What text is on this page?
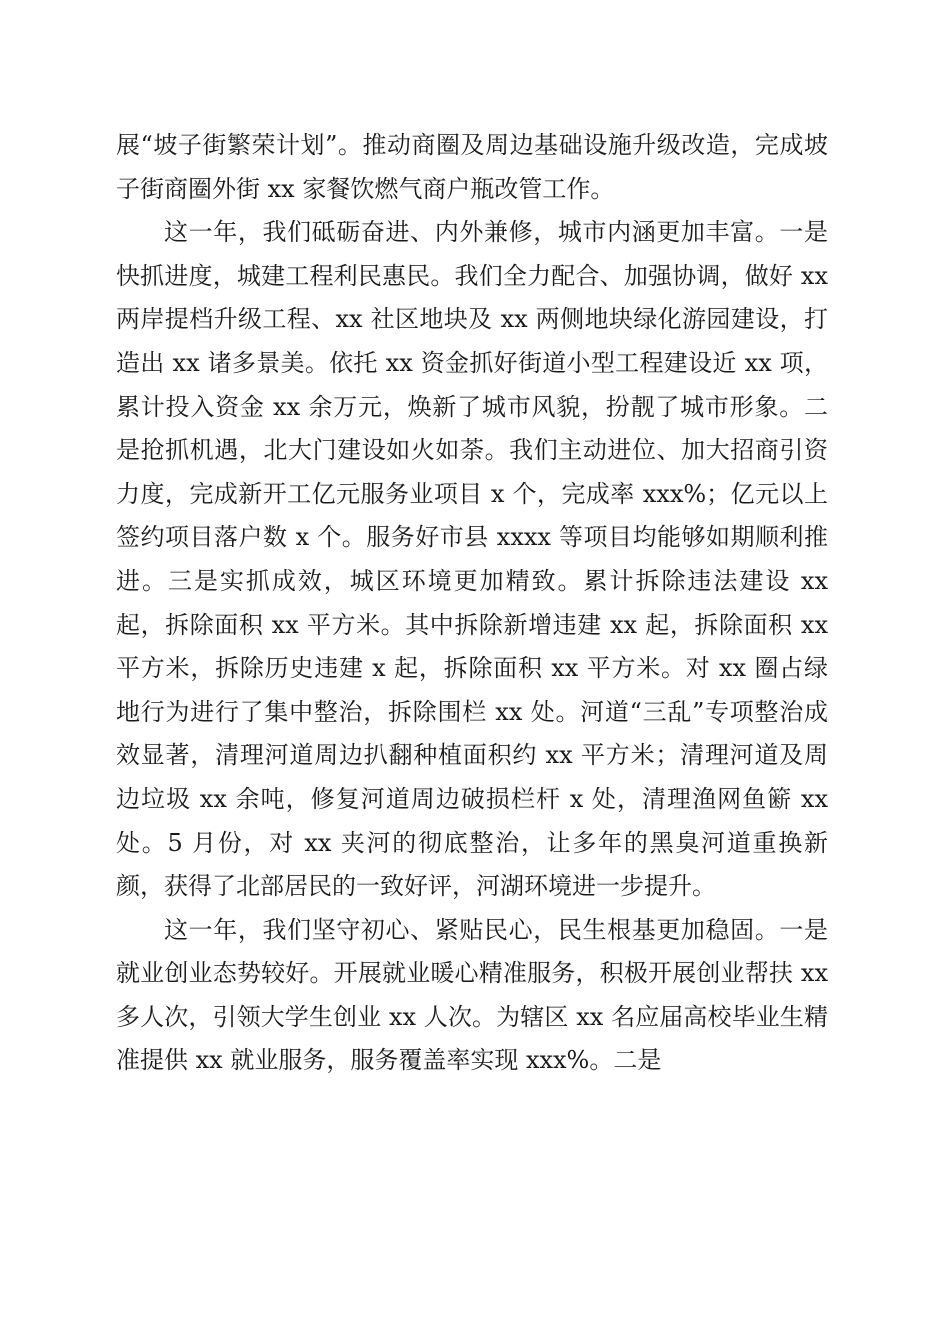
展“坡子街繁荣计划”。推动商圈及周边基础设施升级改造，完成坡子街商圈外街 xx 家餐饮燃气商户瓶改管工作。

这一年，我们砥砺奋进、内外兼修，城市内涵更加丰富。一是快抓进度，城建工程利民惠民。我们全力配合、加强协调，做好 xx 两岸提档升级工程、xx 社区地块及 xx 两侧地块绿化游园建设，打造出 xx 诸多景美。依托 xx 资金抓好街道小型工程建设近 xx 项，累计投入资金 xx 余万元，焕新了城市风貌，扮靓了城市形象。二是抢抓机遇，北大门建设如火如荼。我们主动进位、加大招商引资力度，完成新开工亿元服务业项目 x 个，完成率 xxx%；亿元以上签约项目落户数 x 个。服务好市县 xxxx 等项目均能够如期顺利推进。三是实抓成效，城区环境更加精致。累计拆除违法建设 xx 起，拆除面积 xx 平方米。其中拆除新增违建 xx 起，拆除面积 xx 平方米，拆除历史违建 x 起，拆除面积 xx 平方米。对 xx 圈占绿地行为进行了集中整治，拆除围栏 xx 处。河道“三乱”专项整治成效显著，清理河道周边扒翻种植面积约 xx 平方米；清理河道及周边垃圾 xx 余吨，修复河道周边破损栏杆 x 处，清理渔网鱼簖 xx 处。5 月份，对 xx 夹河的彻底整治，让多年的黑臭河道重换新颜，获得了北部居民的一致好评，河湖环境进一步提升。

这一年，我们坚守初心、紧贴民心，民生根基更加稳固。一是就业创业态势较好。开展就业暖心精准服务，积极开展创业帮扶 xx 多人次，引领大学生创业 xx 人次。为辖区 xx 名应届高校毕业生精准提供 xx 就业服务，服务覆盖率实现 xxx%。二是
